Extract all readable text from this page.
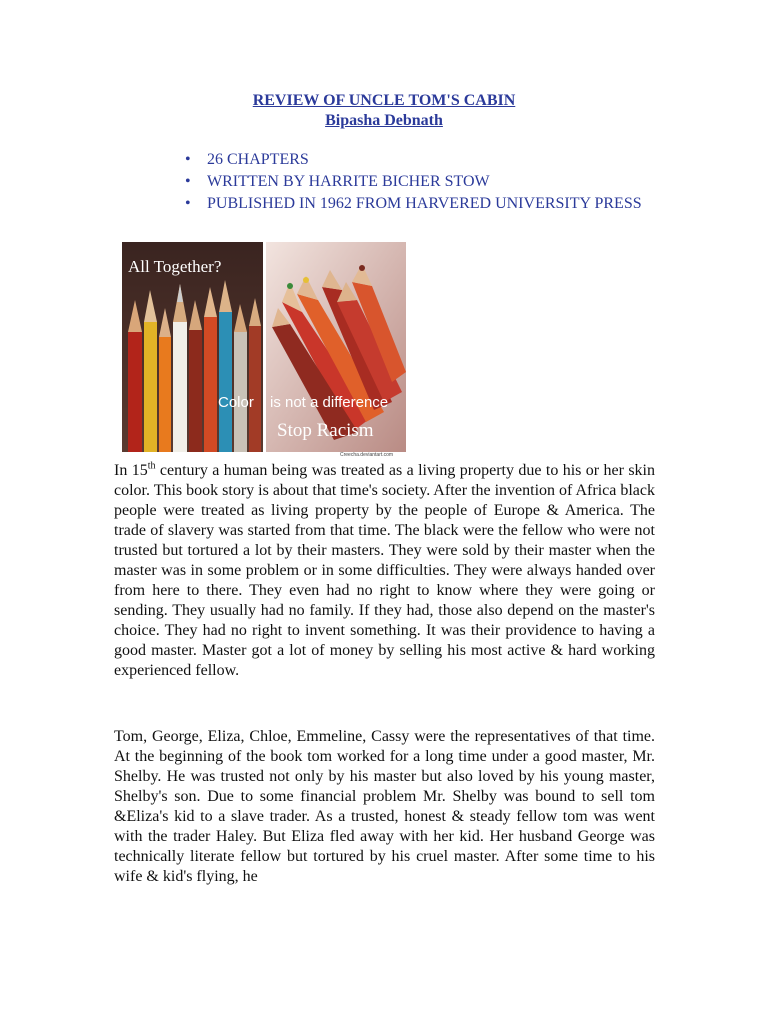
REVIEW OF UNCLE TOM'S CABIN
Bipasha Debnath
• 26 CHAPTERS
• WRITTEN BY HARRITE BICHER STOW
• PUBLISHED IN 1962 FROM HARVERED UNIVERSITY PRESS
All Together?
Color is not a difference
Stop Racism
Creecha.deviantart.com

In 15th century a human being was treated as a living property due to his or her skin color. This book story is about that time's society. After the invention of Africa black people were treated as living property by the people of Europe & America. The trade of slavery was started from that time. The black were the fellow who were not trusted but tortured a lot by their masters. They were sold by their master when the master was in some problem or in some difficulties. They were always handed over from here to there. They even had no right to know where they were going or sending. They usually had no family. If they had, those also depend on the master's choice. They had no right to invent something. It was their providence to having a good master. Master got a lot of money by selling his most active & hard working experienced fellow.

Tom, George, Eliza, Chloe, Emmeline, Cassy were the representatives of that time. At the beginning of the book tom worked for a long time under a good master, Mr. Shelby. He was trusted not only by his master but also loved by his young master, Shelby's son. Due to some financial problem Mr. Shelby was bound to sell tom &Eliza's kid to a slave trader. As a trusted, honest & steady fellow tom was went with the trader Haley. But Eliza fled away with her kid. Her husband George was technically literate fellow but tortured by his cruel master. After some time to his wife & kid's flying, he
